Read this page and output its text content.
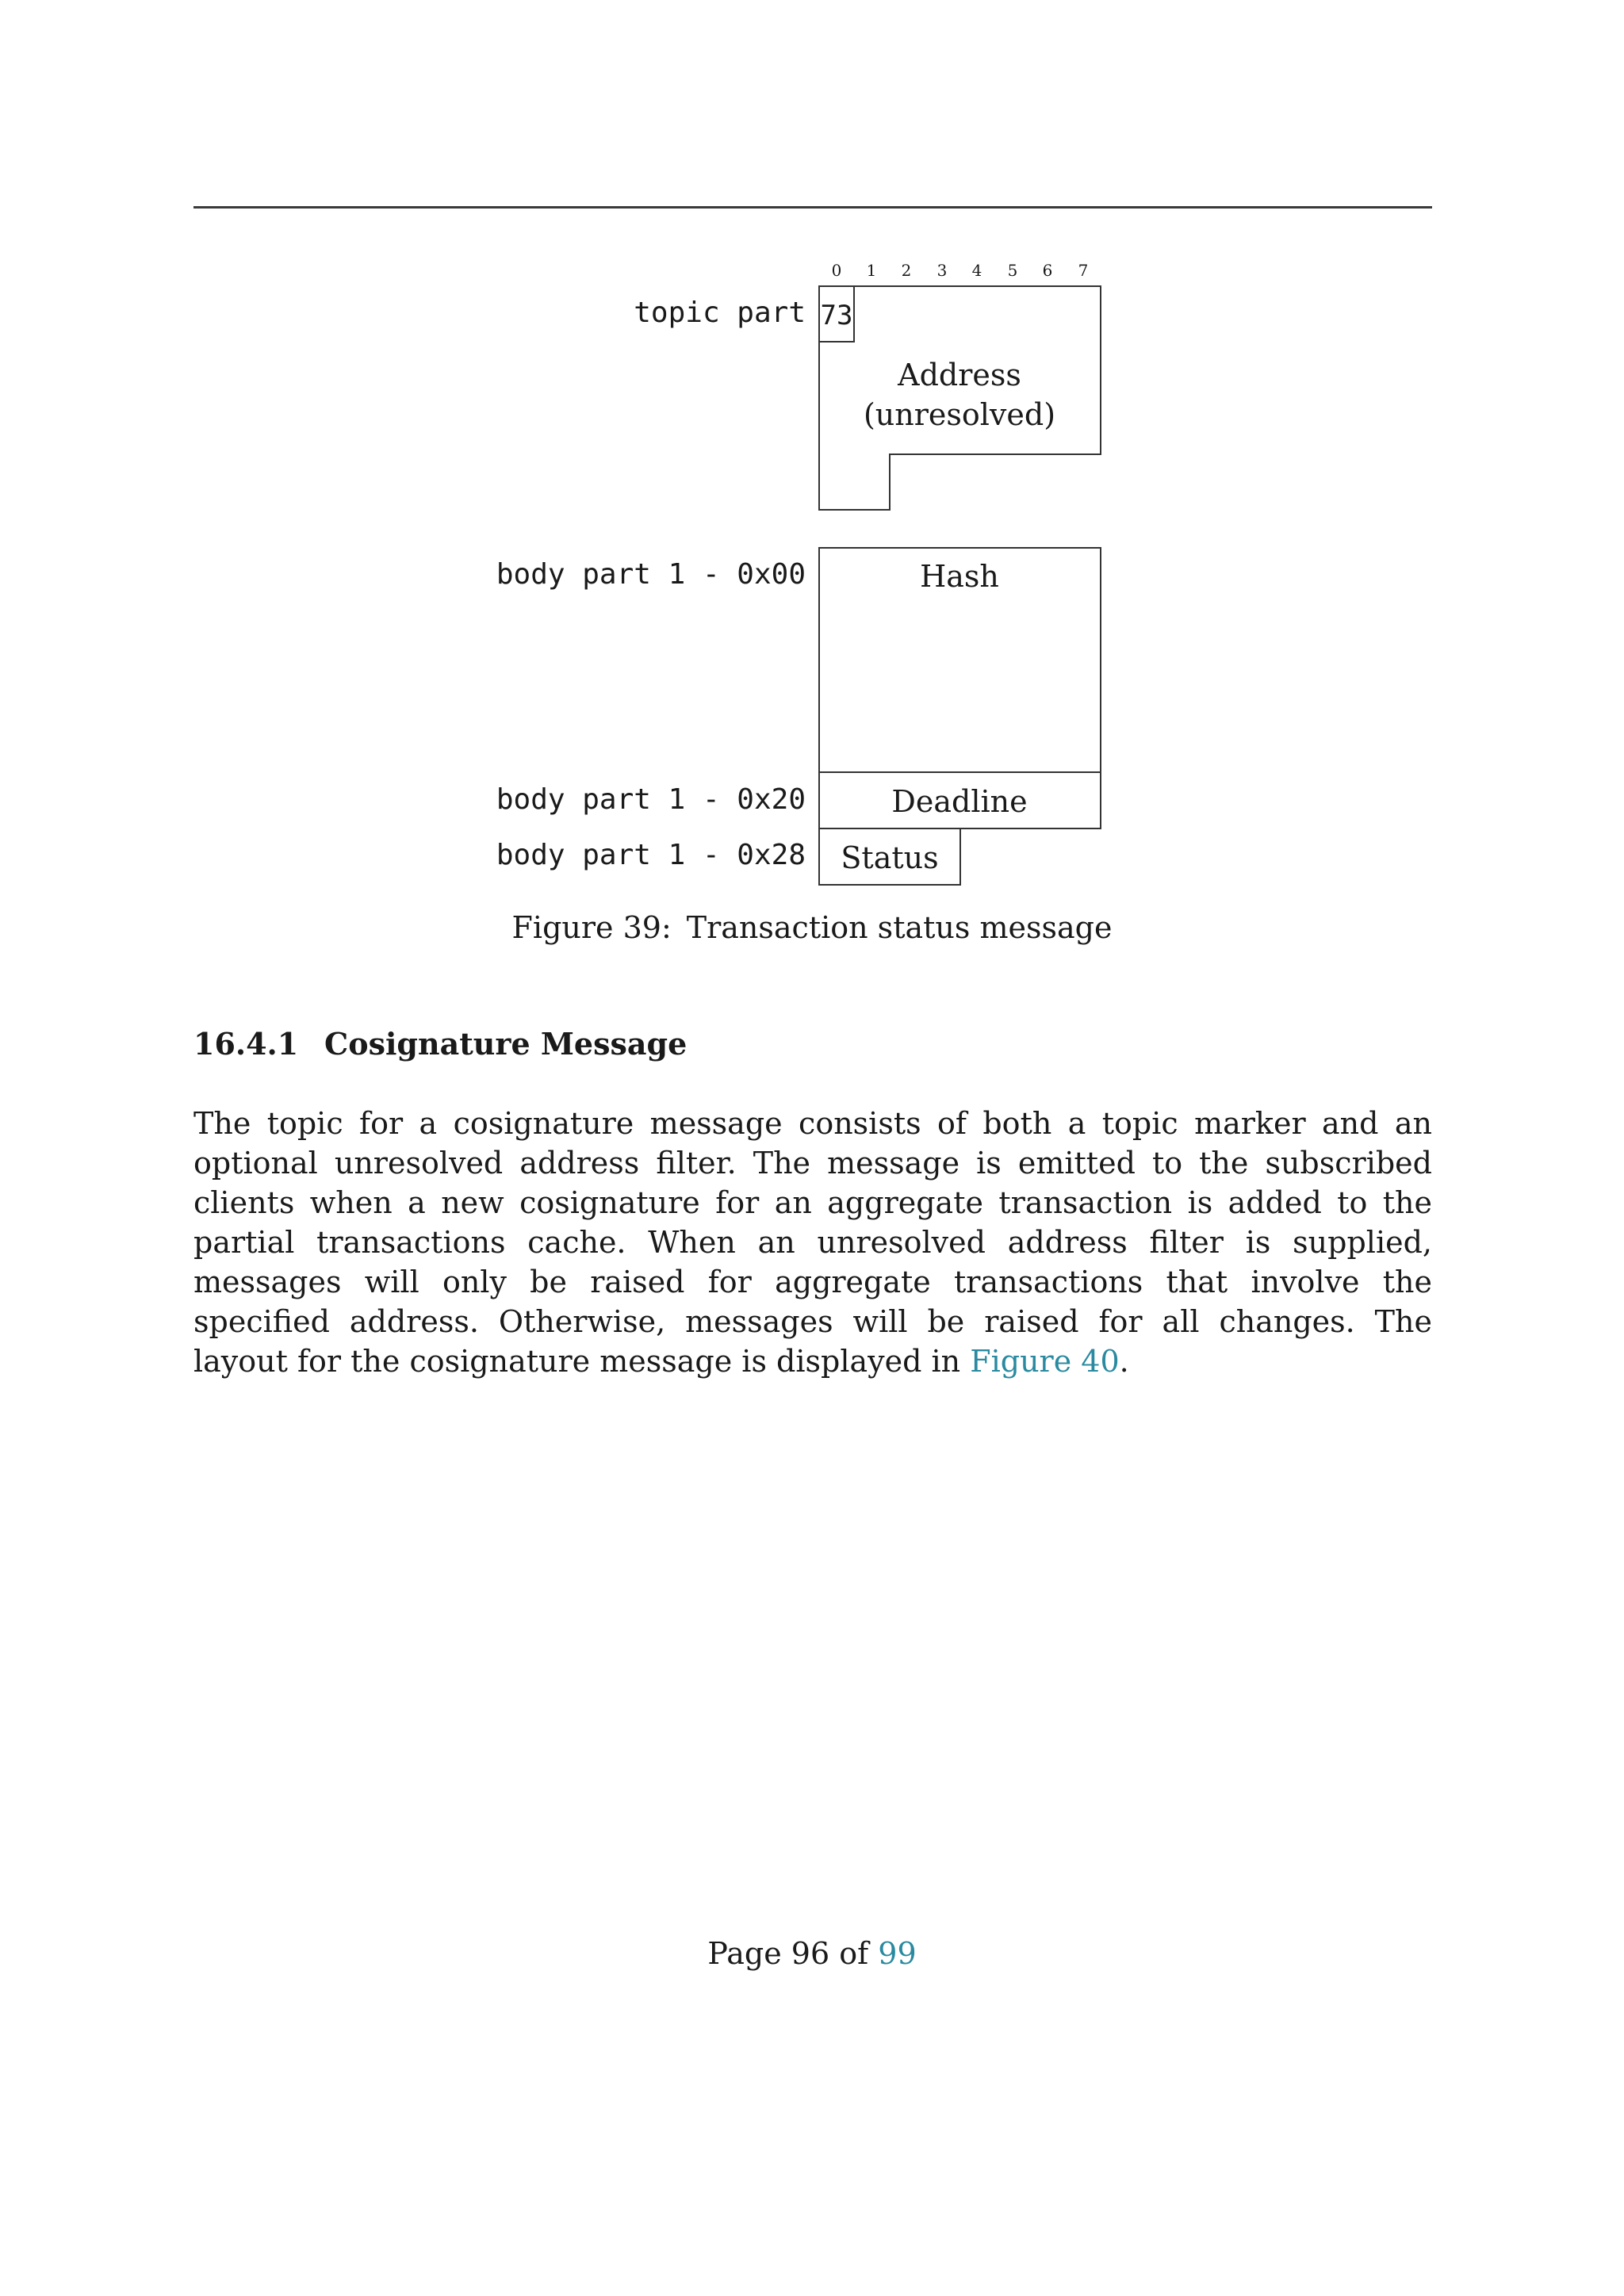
0 1 2 3 4 5 6 7
topic part
body part 1 - 0x00
body part 1 - 0x20
body part 1 - 0x28
73
Address
(unresolved)
Hash
Deadline
Status
Figure 39: Transaction status message
16.4.1 Cosignature Message
The topic for a cosignature message consists of both a topic marker and an optional unresolved address filter. The message is emitted to the subscribed clients when a new cosignature for an aggregate transaction is added to the partial transactions cache. When an unresolved address filter is supplied, messages will only be raised for aggregate transactions that involve the specified address. Otherwise, messages will be raised for all changes. The layout for the cosignature message is displayed in Figure 40.
Page 96 of 99
